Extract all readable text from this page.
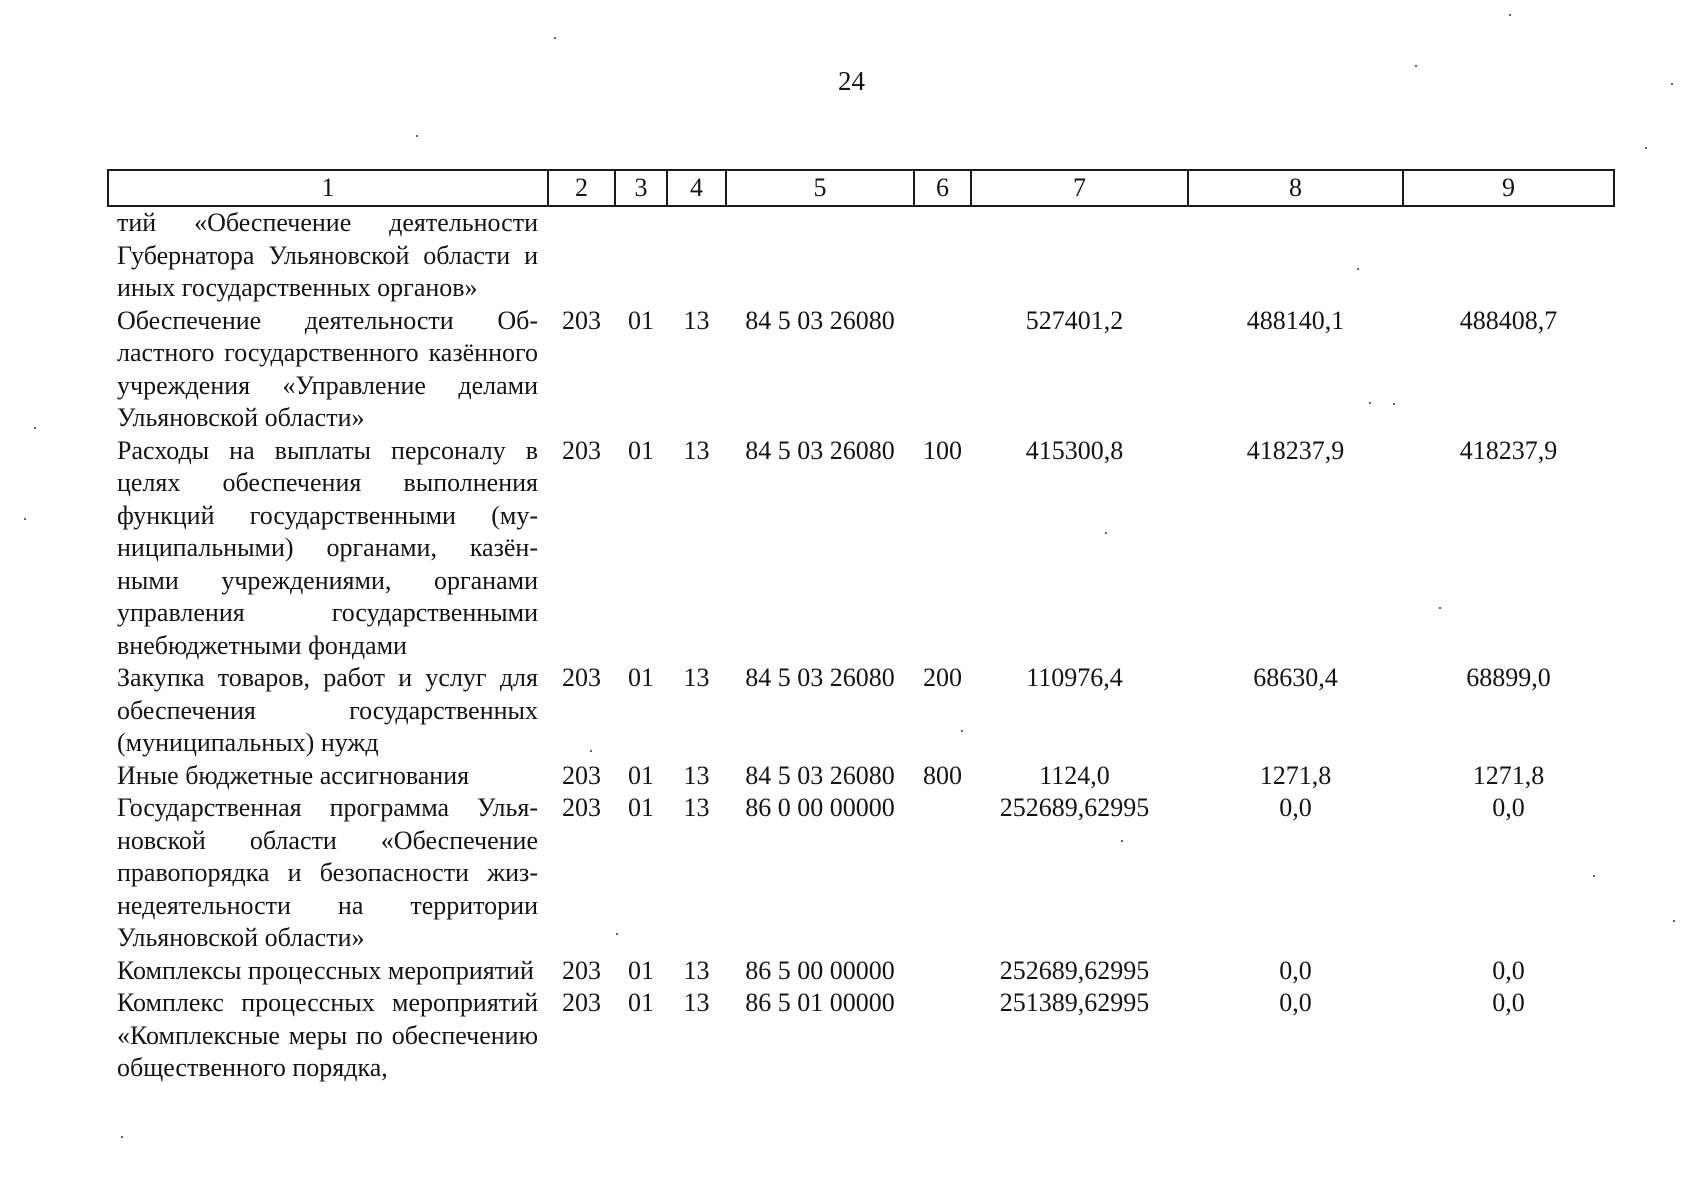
24
1	2	3	4	5	6	7	8	9
тий «Обеспечение деятельности Губернатора Ульяновской области и иных государственных органов»								
Обеспечение деятельности Областного государственного казённого учреждения «Управление делами Ульяновской области»	203	01	13	84 5 03 26080		527401,2	488140,1	488408,7
Расходы на выплаты персоналу в целях обеспечения выполнения функций государственными (муниципальными) органами, казёнными учреждениями, органами управления государственными внебюджетными фондами	203	01	13	84 5 03 26080	100	415300,8	418237,9	418237,9
Закупка товаров, работ и услуг для обеспечения государственных (муниципальных) нужд	203	01	13	84 5 03 26080	200	110976,4	68630,4	68899,0
Иные бюджетные ассигнования	203	01	13	84 5 03 26080	800	1124,0	1271,8	1271,8
Государственная программа Ульяновской области «Обеспечение правопорядка и безопасности жизнедеятельности на территории Ульяновской области»	203	01	13	86 0 00 00000		252689,62995	0,0	0,0
Комплексы процессных мероприятий	203	01	13	86 5 00 00000		252689,62995	0,0	0,0
Комплекс процессных мероприятий «Комплексные меры по обеспечению общественного порядка,	203	01	13	86 5 01 00000		251389,62995	0,0	0,0
